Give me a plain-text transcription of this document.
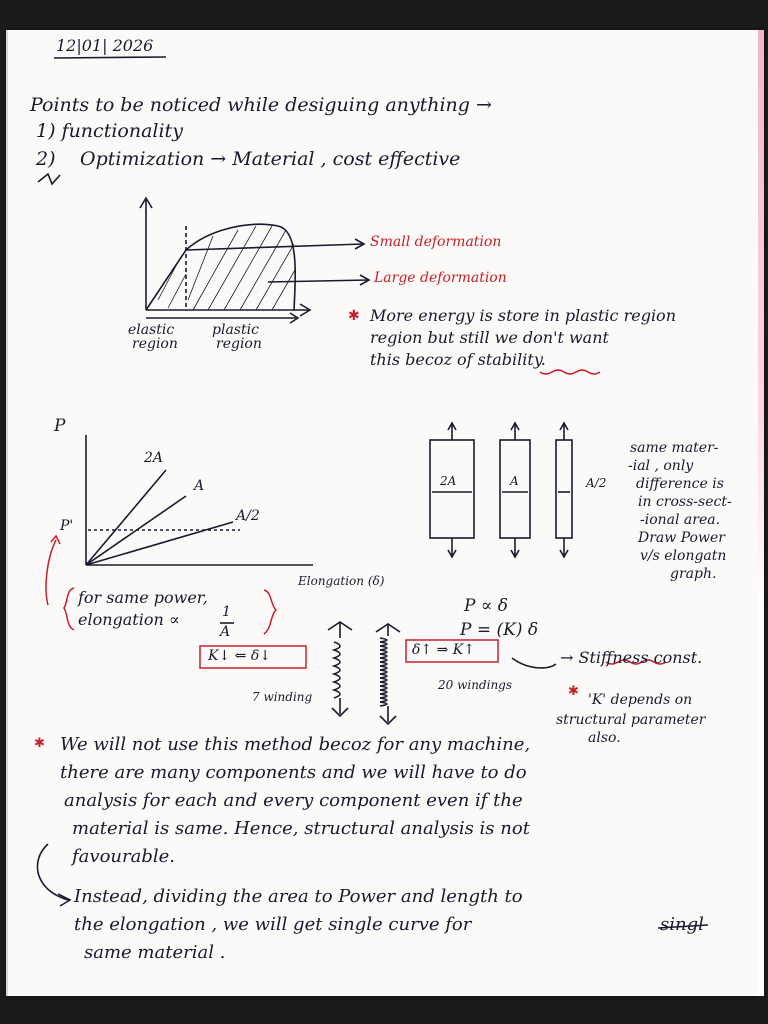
12|01| 2026
Points to be noticed while desiguing anything →
1) functionality
2) Optimization → Material , cost effective
Small deformation
Large deformation
elastic
region
plastic
region
✱ More energy is store in plastic region
region but still we don't want
this becoz of stability.
P
P'
2A
A
A/2
Elongation (δ)
2A	A	A/2
same mater-
-ial , only
difference is
in cross-sect-
-ional area.
Draw Power
v/s elongatn
graph.
for same power,
elongation ∝	1
A
P ∝ δ
P = (K) δ
K↓ ⇐ δ↓	δ↑ ⇒ K↑
7 winding
20 windings
→ Stiffness const.
✱
'K' depends on
structural parameter
also.
✱ We will not use this method becoz for any machine,
there are many components and we will have to do
analysis for each and every component even if the
material is same. Hence, structural analysis is not
favourable.
Instead, dividing the area to Power and length to
the elongation , we will get single curve for	singl
same material .
